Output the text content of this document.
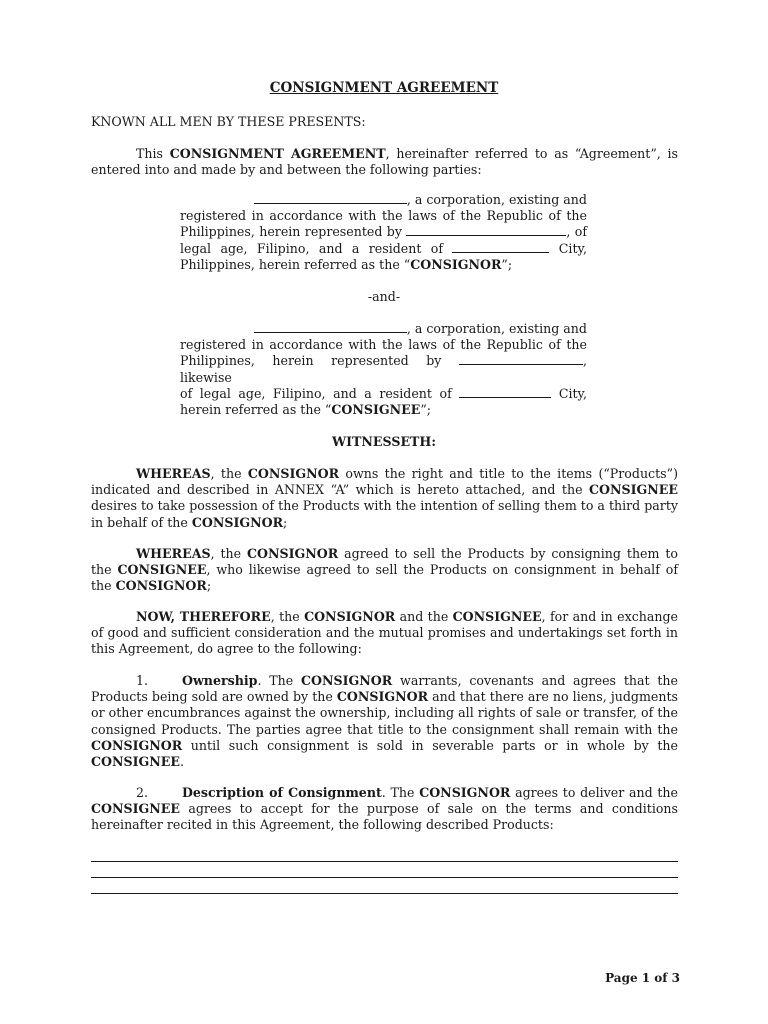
CONSIGNMENT AGREEMENT
KNOWN ALL MEN BY THESE PRESENTS:
This CONSIGNMENT AGREEMENT, hereinafter referred to as “Agreement”, is entered into and made by and between the following parties:
, a corporation, existing and
registered in accordance with the laws of the Republic of the
Philippines, herein represented by	, of
legal age, Filipino, and a resident of	City,
Philippines, herein referred as the “CONSIGNOR”;
-and-
, a corporation, existing and
registered in accordance with the laws of the Republic of the
Philippines, herein represented by	, likewise
of legal age, Filipino, and a resident of	City,
herein referred as the “CONSIGNEE”;
WITNESSETH:
WHEREAS, the CONSIGNOR owns the right and title to the items (“Products”) indicated and described in ANNEX “A” which is hereto attached, and the CONSIGNEE desires to take possession of the Products with the intention of selling them to a third party in behalf of the CONSIGNOR;
WHEREAS, the CONSIGNOR agreed to sell the Products by consigning them to the CONSIGNEE, who likewise agreed to sell the Products on consignment in behalf of the CONSIGNOR;
NOW, THEREFORE, the CONSIGNOR and the CONSIGNEE, for and in exchange of good and sufficient consideration and the mutual promises and undertakings set forth in this Agreement, do agree to the following:
1.	Ownership. The CONSIGNOR warrants, covenants and agrees that the Products being sold are owned by the CONSIGNOR and that there are no liens, judgments or other encumbrances against the ownership, including all rights of sale or transfer, of the consigned Products. The parties agree that title to the consignment shall remain with the CONSIGNOR until such consignment is sold in severable parts or in whole by the CONSIGNEE.
2.	Description of Consignment. The CONSIGNOR agrees to deliver and the CONSIGNEE agrees to accept for the purpose of sale on the terms and conditions hereinafter recited in this Agreement, the following described Products:
Page 1 of 3
